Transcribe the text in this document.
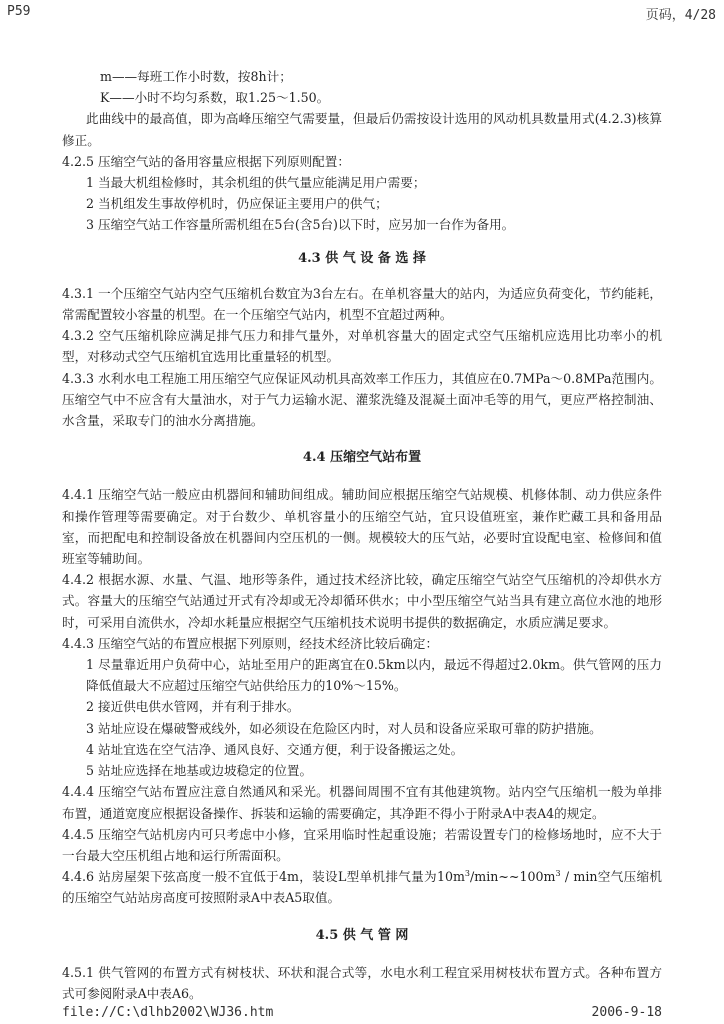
P59	页码，4/28

m——每班工作小时数，按8h计；

K——小时不均匀系数，取1.25～1.50。

此曲线中的最高值，即为高峰压缩空气需要量，但最后仍需按设计选用的风动机具数量用式(4.2.3)核算修正。

4.2.5 压缩空气站的备用容量应根据下列原则配置：

1 当最大机组检修时，其余机组的供气量应能满足用户需要；

2 当机组发生事故停机时，仍应保证主要用户的供气；

3 压缩空气站工作容量所需机组在5台(含5台)以下时，应另加一台作为备用。

4.3 供 气 设 备 选 择

4.3.1 一个压缩空气站内空气压缩机台数宜为3台左右。在单机容量大的站内，为适应负荷变化，节约能耗，常需配置较小容量的机型。在一个压缩空气站内，机型不宜超过两种。

4.3.2 空气压缩机除应满足排气压力和排气量外，对单机容量大的固定式空气压缩机应选用比功率小的机型，对移动式空气压缩机宜选用比重量轻的机型。

4.3.3 水利水电工程施工用压缩空气应保证风动机具高效率工作压力，其值应在0.7MPa～0.8MPa范围内。压缩空气中不应含有大量油水，对于气力运输水泥、灌浆洗缝及混凝土面冲毛等的用气，更应严格控制油、水含量，采取专门的油水分离措施。

4.4 压缩空气站布置

4.4.1 压缩空气站一般应由机器间和辅助间组成。辅助间应根据压缩空气站规模、机修体制、动力供应条件和操作管理等需要确定。对于台数少、单机容量小的压缩空气站，宜只设值班室，兼作贮藏工具和备用品室，而把配电和控制设备放在机器间内空压机的一侧。规模较大的压气站，必要时宜设配电室、检修间和值班室等辅助间。

4.4.2 根据水源、水量、气温、地形等条件，通过技术经济比较，确定压缩空气站空气压缩机的冷却供水方式。容量大的压缩空气站通过开式有冷却或无冷却循环供水；中小型压缩空气站当具有建立高位水池的地形时，可采用自流供水，冷却水耗量应根据空气压缩机技术说明书提供的数据确定，水质应满足要求。

4.4.3 压缩空气站的布置应根据下列原则，经技术经济比较后确定：

1 尽量靠近用户负荷中心，站址至用户的距离宜在0.5km以内，最远不得超过2.0km。供气管网的压力降低值最大不应超过压缩空气站供给压力的10%～15%。

2 接近供电供水管网，并有利于排水。

3 站址应设在爆破警戒线外，如必须设在危险区内时，对人员和设备应采取可靠的防护措施。

4 站址宜选在空气洁净、通风良好、交通方便，利于设备搬运之处。

5 站址应选择在地基或边坡稳定的位置。

4.4.4 压缩空气站布置应注意自然通风和采光。机器间周围不宜有其他建筑物。站内空气压缩机一般为单排布置，通道宽度应根据设备操作、拆装和运输的需要确定，其净距不得小于附录A中表A4的规定。

4.4.5 压缩空气站机房内可只考虑中小修，宜采用临时性起重设施；若需设置专门的检修场地时，应不大于一台最大空压机组占地和运行所需面积。

4.4.6 站房屋架下弦高度一般不宜低于4m，装设L型单机排气量为$10m^3/\min\sim\sim 100m^3$ / min空气压缩机的压缩空气站站房高度可按照附录A中表A5取值。

4.5 供 气 管 网

4.5.1 供气管网的布置方式有树枝状、环状和混合式等，水电水利工程宜采用树枝状布置方式。各种布置方式可参阅附录A中表A6。

file://C:\dlhb2002\WJ36.htm	2006-9-18
